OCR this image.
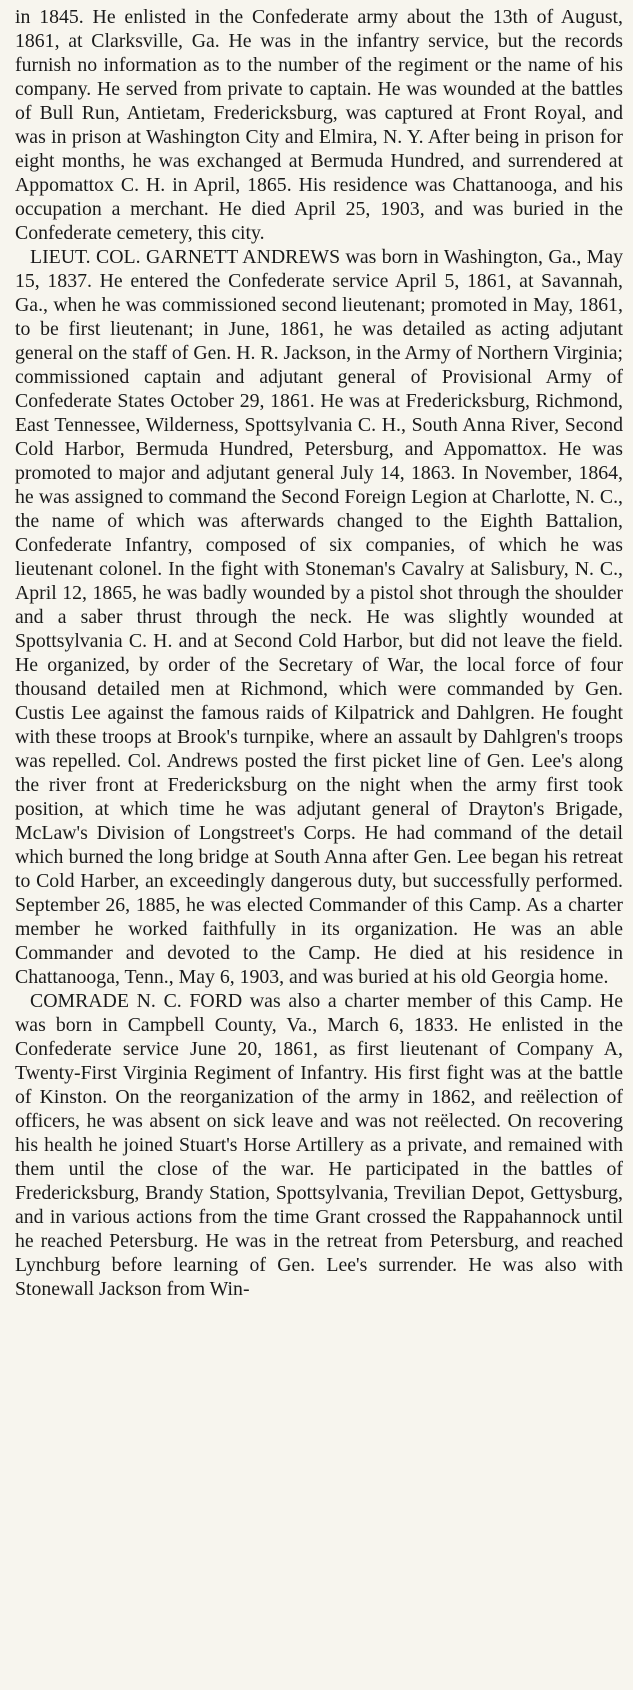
in 1845. He enlisted in the Confederate army about the 13th of August, 1861, at Clarksville, Ga. He was in the infantry service, but the records furnish no information as to the number of the regiment or the name of his company. He served from private to captain. He was wounded at the battles of Bull Run, Antietam, Fredericksburg, was captured at Front Royal, and was in prison at Washington City and Elmira, N. Y. After being in prison for eight months, he was exchanged at Bermuda Hundred, and surrendered at Appomattox C. H. in April, 1865. His residence was Chattanooga, and his occupation a merchant. He died April 25, 1903, and was buried in the Confederate cemetery, this city.

LIEUT. COL. GARNETT ANDREWS was born in Washington, Ga., May 15, 1837. He entered the Confederate service April 5, 1861, at Savannah, Ga., when he was commissioned second lieutenant; promoted in May, 1861, to be first lieutenant; in June, 1861, he was detailed as acting adjutant general on the staff of Gen. H. R. Jackson, in the Army of Northern Virginia; commissioned captain and adjutant general of Provisional Army of Confederate States October 29, 1861. He was at Fredericksburg, Richmond, East Tennessee, Wilderness, Spottsylvania C. H., South Anna River, Second Cold Harbor, Bermuda Hundred, Petersburg, and Appomattox. He was promoted to major and adjutant general July 14, 1863. In November, 1864, he was assigned to command the Second Foreign Legion at Charlotte, N. C., the name of which was afterwards changed to the Eighth Battalion, Confederate Infantry, composed of six companies, of which he was lieutenant colonel. In the fight with Stoneman's Cavalry at Salisbury, N. C., April 12, 1865, he was badly wounded by a pistol shot through the shoulder and a saber thrust through the neck. He was slightly wounded at Spottsylvania C. H. and at Second Cold Harbor, but did not leave the field. He organized, by order of the Secretary of War, the local force of four thousand detailed men at Richmond, which were commanded by Gen. Custis Lee against the famous raids of Kilpatrick and Dahlgren. He fought with these troops at Brook's turnpike, where an assault by Dahlgren's troops was repelled. Col. Andrews posted the first picket line of Gen. Lee's along the river front at Fredericksburg on the night when the army first took position, at which time he was adjutant general of Drayton's Brigade, McLaw's Division of Longstreet's Corps. He had command of the detail which burned the long bridge at South Anna after Gen. Lee began his retreat to Cold Harber, an exceedingly dangerous duty, but successfully performed. September 26, 1885, he was elected Commander of this Camp. As a charter member he worked faithfully in its organization. He was an able Commander and devoted to the Camp. He died at his residence in Chattanooga, Tenn., May 6, 1903, and was buried at his old Georgia home.

COMRADE N. C. FORD was also a charter member of this Camp. He was born in Campbell County, Va., March 6, 1833. He enlisted in the Confederate service June 20, 1861, as first lieutenant of Company A, Twenty-First Virginia Regiment of Infantry. His first fight was at the battle of Kinston. On the reorganization of the army in 1862, and reëlection of officers, he was absent on sick leave and was not reëlected. On recovering his health he joined Stuart's Horse Artillery as a private, and remained with them until the close of the war. He participated in the battles of Fredericksburg, Brandy Station, Spottsylvania, Trevilian Depot, Gettysburg, and in various actions from the time Grant crossed the Rappahannock until he reached Petersburg. He was in the retreat from Petersburg, and reached Lynchburg before learning of Gen. Lee's surrender. He was also with Stonewall Jackson from Win-
